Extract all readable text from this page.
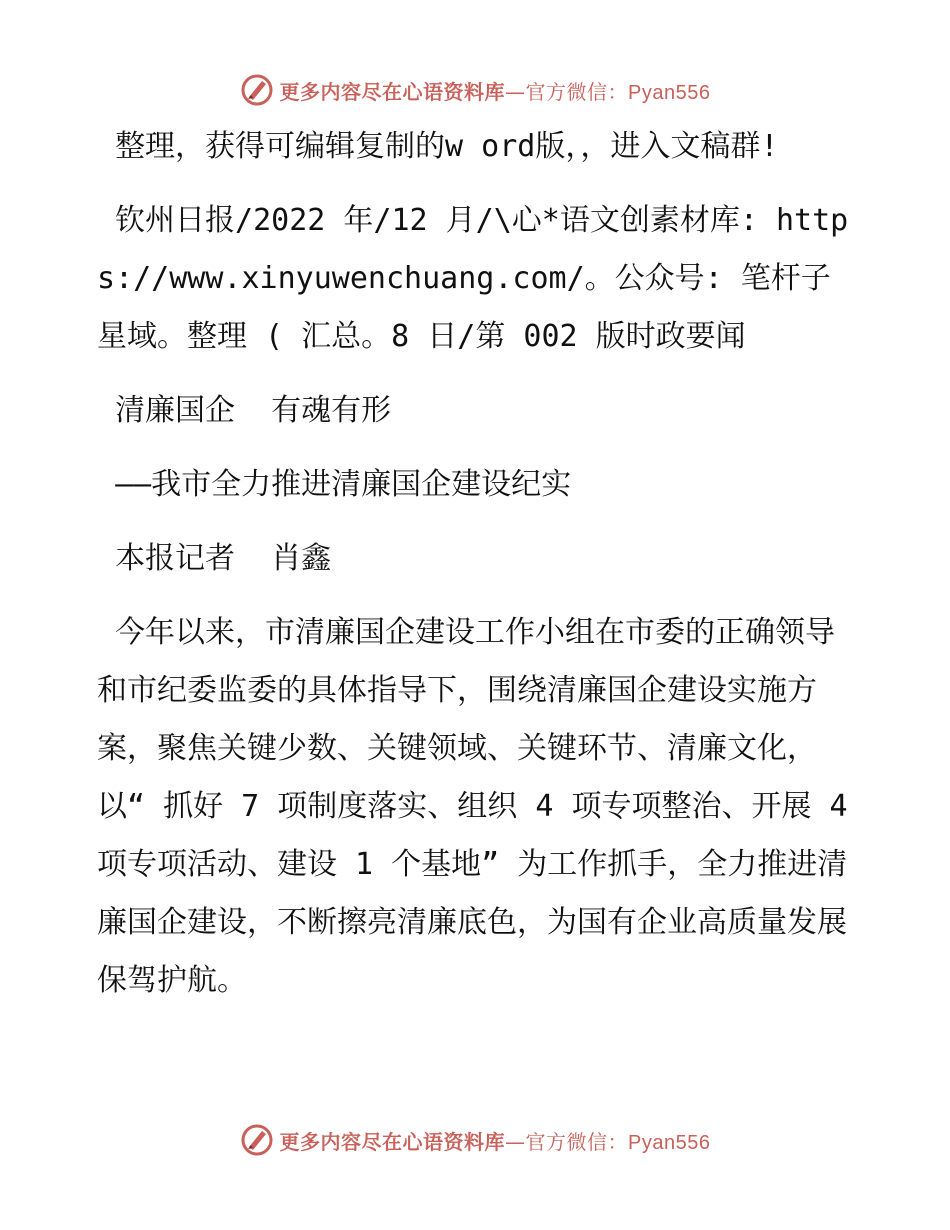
更多内容尽在心语资料库 — 官方微信： Pyan556

整理，获得可编辑复制的w ord版，，进入文稿群!

钦州日报/2022 年/12 月/\心*语文创素材库: https://www.xinyuwenchuang.com/。公众号: 笔杆子星域。整理 ( 汇总。8 日/第 002 版时政要闻

清廉国企  有魂有形

——我市全力推进清廉国企建设纪实

本报记者  肖鑫

今年以来，市清廉国企建设工作小组在市委的正确领导和市纪委监委的具体指导下，围绕清廉国企建设实施方案，聚焦关键少数、关键领域、关键环节、清廉文化，以“ 抓好 7 项制度落实、组织 4 项专项整治、开展 4 项专项活动、建设 1 个基地” 为工作抓手，全力推进清廉国企建设，不断擦亮清廉底色，为国有企业高质量发展保驾护航。

更多内容尽在心语资料库 — 官方微信： Pyan556
